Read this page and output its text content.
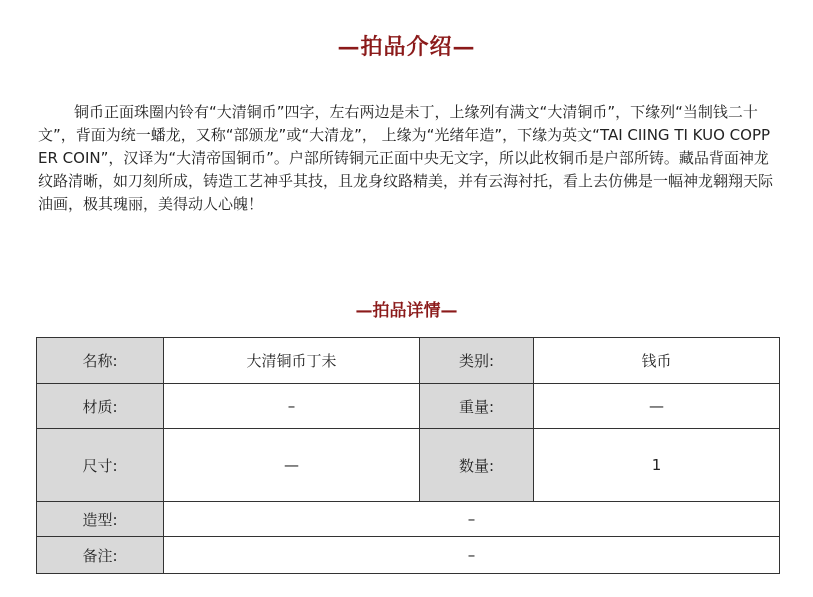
—拍品介绍—

铜币正面珠圈内铃有“大清铜币”四字，左右两边是未丁，上缘列有满文“大清铜币”，下缘列“当制钱二十文”，背面为统一蟠龙，又称“部颁龙”或“大清龙”， 上缘为“光绪年造”，下缘为英文“TAI CIING TI KUO COPPER COIN”，汉译为“大清帝国铜币”。户部所铸铜元正面中央无文字，所以此枚铜币是户部所铸。藏品背面神龙纹路清晰，如刀刻所成，铸造工艺神乎其技，且龙身纹路精美，并有云海衬托，看上去仿佛是一幅神龙翱翔天际油画，极其瑰丽，美得动人心魄！

—拍品详情—
名称:	大清铜币丁未	类别:	钱币
材质:	–	重量:	—
尺寸:	—	数量:	1
造型:	–		
备注:	–		
